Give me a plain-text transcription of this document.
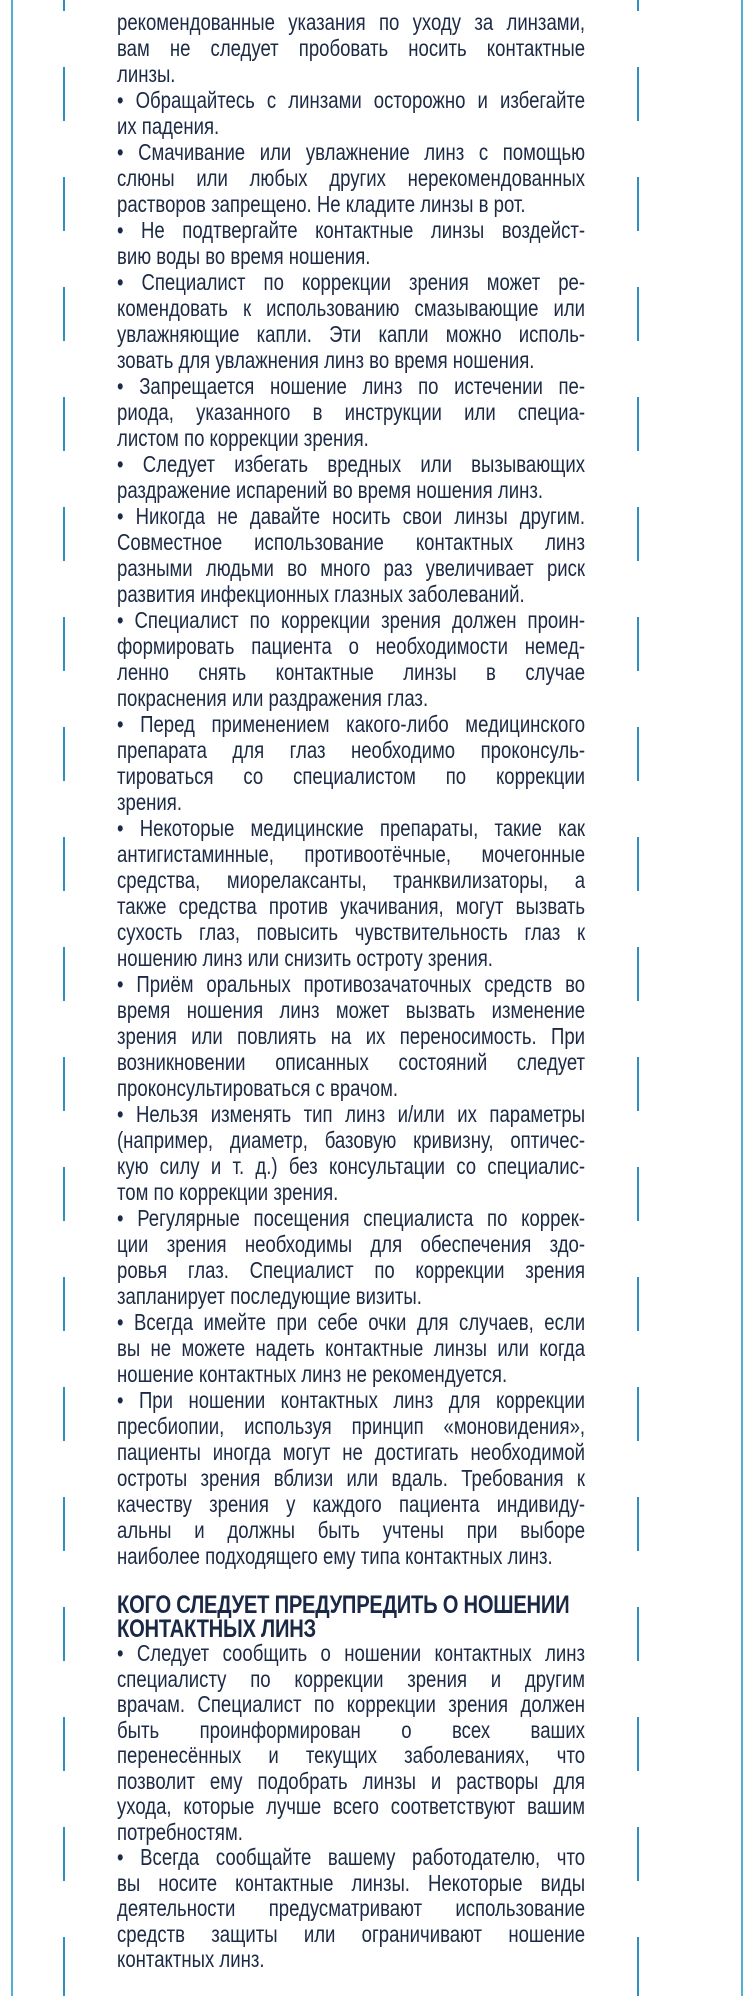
рекомендованные указания по уходу за линзами,
вам не следует пробовать носить контактные
линзы.
• Обращайтесь с линзами осторожно и избегайте
их падения.
• Смачивание или увлажнение линз с помощью
слюны или любых других нерекомендованных
растворов запрещено. Не кладите линзы в рот.
• Не подтвергайте контактные линзы воздейст-
вию воды во время ношения.
• Специалист по коррекции зрения может ре-
комендовать к использованию смазывающие или
увлажняющие капли. Эти капли можно исполь-
зовать для увлажнения линз во время ношения.
• Запрещается ношение линз по истечении пе-
риода, указанного в инструкции или специа-
листом по коррекции зрения.
• Следует избегать вредных или вызывающих
раздражение испарений во время ношения линз.
• Никогда не давайте носить свои линзы другим.
Совместное использование контактных линз
разными людьми во много раз увеличивает риск
развития инфекционных глазных заболеваний.
• Специалист по коррекции зрения должен проин-
формировать пациента о необходимости немед-
ленно снять контактные линзы в случае
покраснения или раздражения глаз.
• Перед применением какого-либо медицинского
препарата для глаз необходимо проконсуль-
тироваться со специалистом по коррекции
зрения.
• Некоторые медицинские препараты, такие как
антигистаминные, противоотёчные, мочегонные
средства, миорелаксанты, транквилизаторы, а
также средства против укачивания, могут вызвать
сухость глаз, повысить чувствительность глаз к
ношению линз или снизить остроту зрения.
• Приём оральных противозачаточных средств во
время ношения линз может вызвать изменение
зрения или повлиять на их переносимость. При
возникновении описанных состояний следует
проконсультироваться с врачом.
• Нельзя изменять тип линз и/или их параметры
(например, диаметр, базовую кривизну, оптичес-
кую силу и т. д.) без консультации со специалис-
том по коррекции зрения.
• Регулярные посещения специалиста по коррек-
ции зрения необходимы для обеспечения здо-
ровья глаз. Специалист по коррекции зрения
запланирует последующие визиты.
• Всегда имейте при себе очки для случаев, если
вы не можете надеть контактные линзы или когда
ношение контактных линз не рекомендуется.
• При ношении контактных линз для коррекции
пресбиопии, используя принцип «моновидения»,
пациенты иногда могут не достигать необходимой
остроты зрения вблизи или вдаль. Требования к
качеству зрения у каждого пациента индивиду-
альны и должны быть учтены при выборе
наиболее подходящего ему типа контактных линз.
КОГО СЛЕДУЕТ ПРЕДУПРЕДИТЬ О НОШЕНИИ
КОНТАКТНЫХ ЛИНЗ
• Следует сообщить о ношении контактных линз
специалисту по коррекции зрения и другим
врачам. Специалист по коррекции зрения должен
быть проинформирован о всех ваших
перенесённых и текущих заболеваниях, что
позволит ему подобрать линзы и растворы для
ухода, которые лучше всего соответствуют вашим
потребностям.
• Всегда сообщайте вашему работодателю, что
вы носите контактные линзы. Некоторые виды
деятельности предусматривают использование
средств защиты или ограничивают ношение
контактных линз.
